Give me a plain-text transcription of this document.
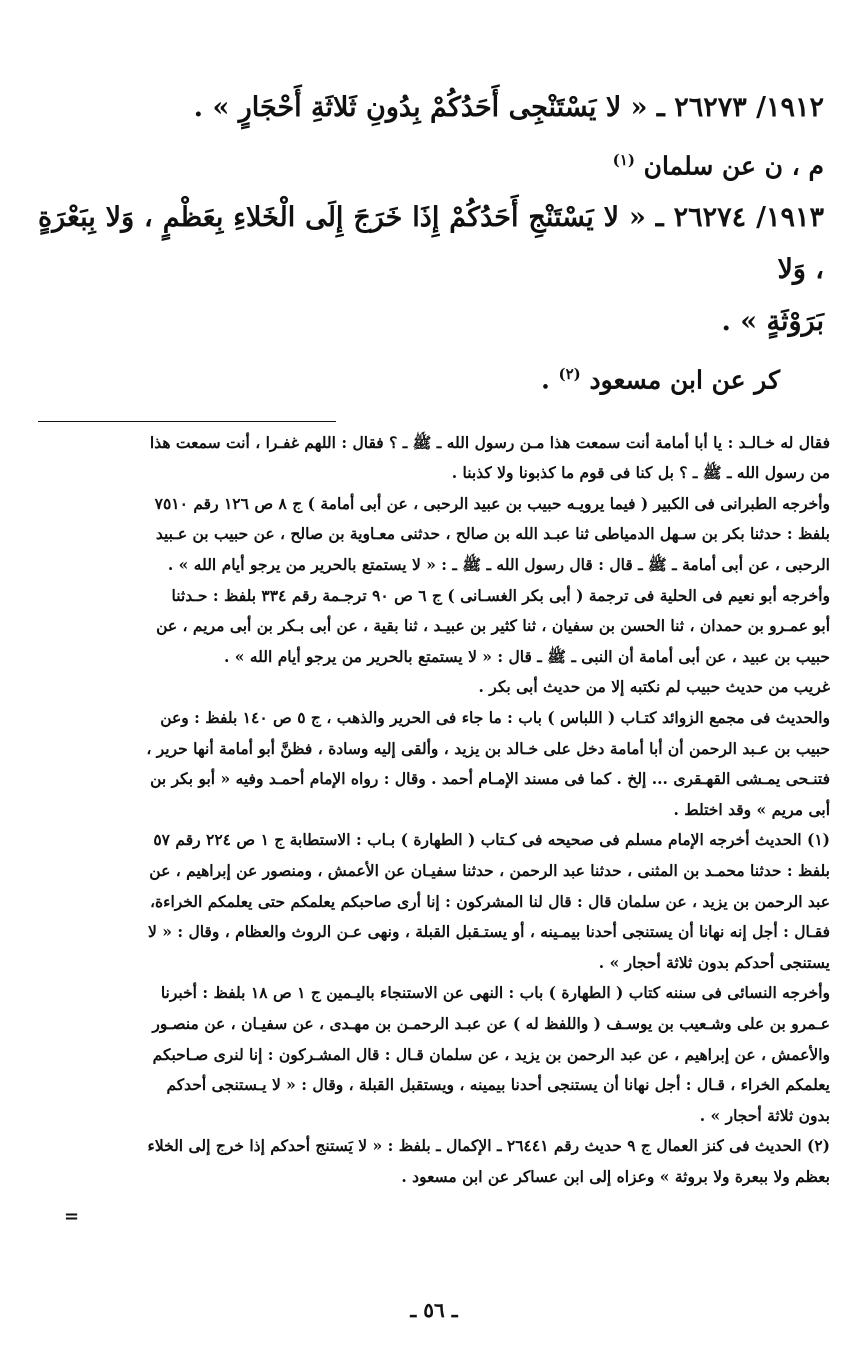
١٩١٢/ ٢٦٢٧٣ ـ « لا يَسْتَنْجِى أَحَدُكُمْ بِدُونِ ثَلاثَةِ أَحْجَارٍ » .

م ، ن عن سلمان $^{(١)}$

١٩١٣/ ٢٦٢٧٤ ـ « لا يَسْتَنْجِ أَحَدُكُمْ إِذَا خَرَجَ إِلَى الْخَلاءِ بِعَظْمٍ ، وَلا بِبَعْرَةٍ ، وَلا

بَرَوْثَةٍ » .

كر عن ابن مسعود $^{(٢)}$ .

فقال له خـالـد : يا أبا أمامة أنت سمعت هذا مـن رسول الله ـ ﷺ ـ ؟ فقال : اللهم غفـرا ، أنت سمعت هذا

من رسول الله ـ ﷺ ـ ؟ بل كنا فى قوم ما كذبونا ولا كذبنا .

وأخرجه الطبرانى فى الكبير ( فيما يرويـه حبيب بن عبيد الرحبى ، عن أبى أمامة ) ج ٨ ص ١٢٦ رقم ٧٥١٠

بلفظ : حدثنا بكر بن سـهل الدمياطى ثنا عبـد الله بن صالح ، حدثنى معـاوية بن صالح ، عن حبيب بن عـبيد

الرحبى ، عن أبى أمامة ـ ﷺ ـ قال : قال رسول الله ـ ﷺ ـ : « لا يستمتع بالحرير من يرجو أيام الله » .

وأخرجه أبو نعيم فى الحلية فى ترجمة ( أبى بكر الغسـانى ) ج ٦ ص ٩٠ ترجـمة رقم ٣٣٤ بلفظ : حـدثنا

أبو عمـرو بن حمدان ، ثنا الحسن بن سفيان ، ثنا كثير بن عبيـد ، ثنا بقية ، عن أبى بـكر بن أبى مريم ، عن

حبيب بن عبيد ، عن أبى أمامة أن النبى ـ ﷺ ـ قال : « لا يستمتع بالحرير من يرجو أيام الله » .

غريب من حديث حبيب لم نكتبه إلا من حديث أبى بكر .

والحديث فى مجمع الزوائد كتـاب ( اللباس ) باب : ما جاء فى الحرير والذهب ، ج ٥ ص ١٤٠ بلفظ : وعن

حبيب بن عـبد الرحمن أن أبا أمامة دخل على خـالد بن يزيد ، وألقى إليه وسادة ، فظنَّ أبو أمامة أنها حرير ،

فتنـحى يمـشى القهـقرى ... إلخ . كما فى مسند الإمـام أحمد . وقال : رواه الإمام أحمـد وفيه « أبو بكر بن

أبى مريم » وقد اختلط .

(١) الحديث أخرجه الإمام مسلم فى صحيحه فى كـتاب ( الطهارة ) بـاب : الاستطابة ج ١ ص ٢٢٤ رقم ٥٧

بلفظ : حدثنا محمـد بن المثنى ، حدثنا عبد الرحمن ، حدثنا سفيـان عن الأعمش ، ومنصور عن إبراهيم ، عن

عبد الرحمن بن يزيد ، عن سلمان قال : قال لنا المشركون : إنا أرى صاحبكم يعلمكم حتى يعلمكم الخراءة،

فقـال : أجل إنه نهانا أن يستنجى أحدنا بيمـينه ، أو يستـقبل القبلة ، ونهى عـن الروث والعظام ، وقال : « لا

يستنجى أحدكم بدون ثلاثة أحجار » .

وأخرجه النسائى فى سننه كتاب ( الطهارة ) باب : النهى عن الاستنجاء باليـمين ج ١ ص ١٨ بلفظ : أخبرنا

عـمرو بن على وشـعيب بن يوسـف ( واللفظ له ) عن عبـد الرحمـن بن مهـدى ، عن سفيـان ، عن منصـور

والأعمش ، عن إبراهيم ، عن عبد الرحمن بن يزيد ، عن سلمان قـال : قال المشـركون : إنا لنرى صـاحبكم

يعلمكم الخراء ، قـال : أجل نهانا أن يستنجى أحدنا بيمينه ، ويستقبل القبلة ، وقال : « لا يـستنجى أحدكم

بدون ثلاثة أحجار » .

(٢) الحديث فى كنز العمال ج ٩ حديث رقم ٢٦٤٤١ ـ الإكمال ـ بلفظ : « لا يَستنج أحدكم إذا خرج إلى الخلاء

بعظم ولا ببعرة ولا بروثة » وعزاه إلى ابن عساكر عن ابن مسعود .

=
ـ ٥٦ ـ
